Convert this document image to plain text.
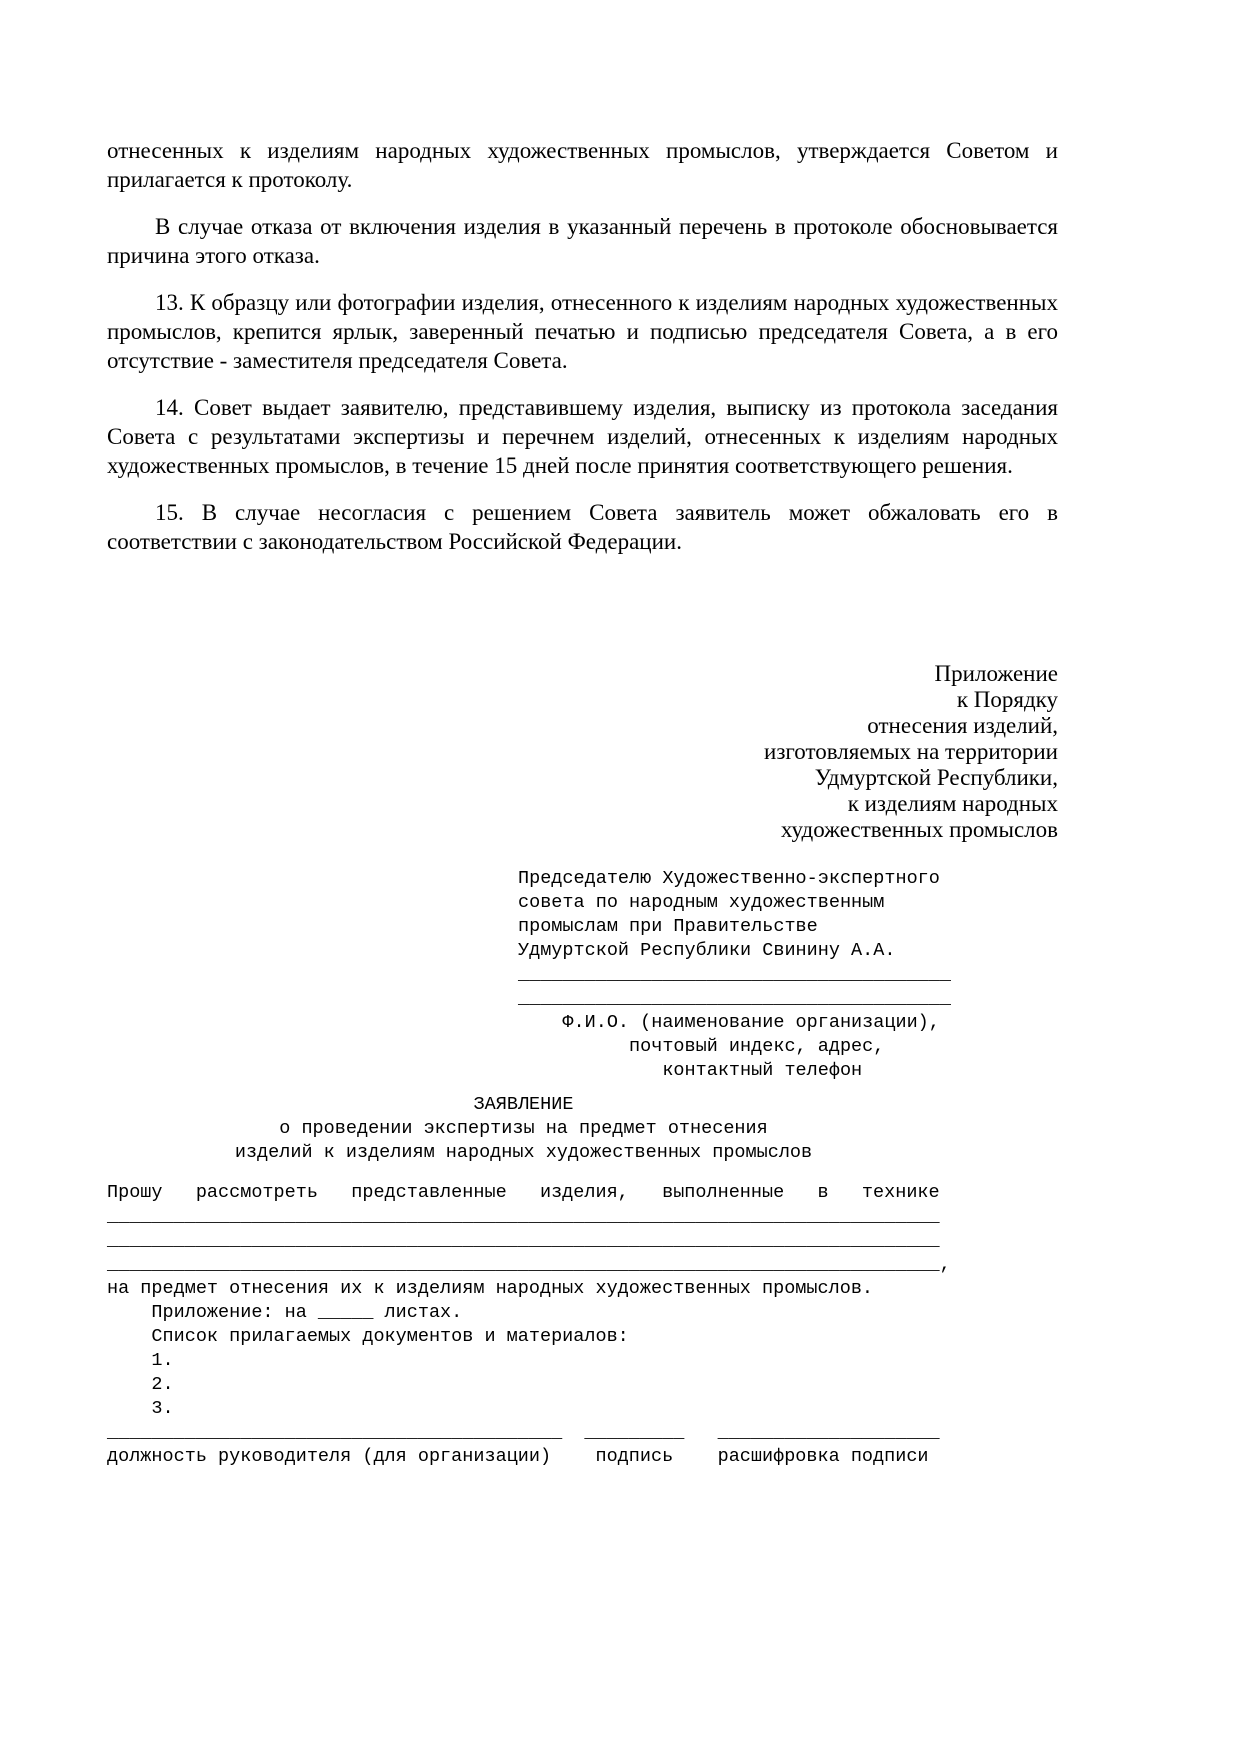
отнесенных к изделиям народных художественных промыслов, утверждается Советом и прилагается к протоколу.

В случае отказа от включения изделия в указанный перечень в протоколе обосновывается причина этого отказа.

13. К образцу или фотографии изделия, отнесенного к изделиям народных художественных промыслов, крепится ярлык, заверенный печатью и подписью председателя Совета, а в его отсутствие - заместителя председателя Совета.

14. Совет выдает заявителю, представившему изделия, выписку из протокола заседания Совета с результатами экспертизы и перечнем изделий, отнесенных к изделиям народных художественных промыслов, в течение 15 дней после принятия соответствующего решения.

15. В случае несогласия с решением Совета заявитель может обжаловать его в соответствии с законодательством Российской Федерации.

Приложение
к Порядку
отнесения изделий,
изготовляемых на территории
Удмуртской Республики,
к изделиям народных
художественных промыслов
Председателю Художественно-экспертного
совета по народным художественным
промыслам при Правительстве
Удмуртской Республики Свинину А.А.
_______________________________________
_______________________________________
Ф.И.О. (наименование организации),
почтовый индекс, адрес,
контактный телефон
ЗАЯВЛЕНИЕ
о проведении экспертизы на предмет отнесения
изделий к изделиям народных художественных промыслов
Прошу   рассмотреть   представленные   изделия,   выполненные   в   технике
___________________________________________________________________________
___________________________________________________________________________
___________________________________________________________________________,
на предмет отнесения их к изделиям народных художественных промыслов.
Приложение: на _____ листах.
Список прилагаемых документов и материалов:
1.
2.
3.
_________________________________________  _________   ____________________
должность руководителя (для организации)    подпись    расшифровка подписи
